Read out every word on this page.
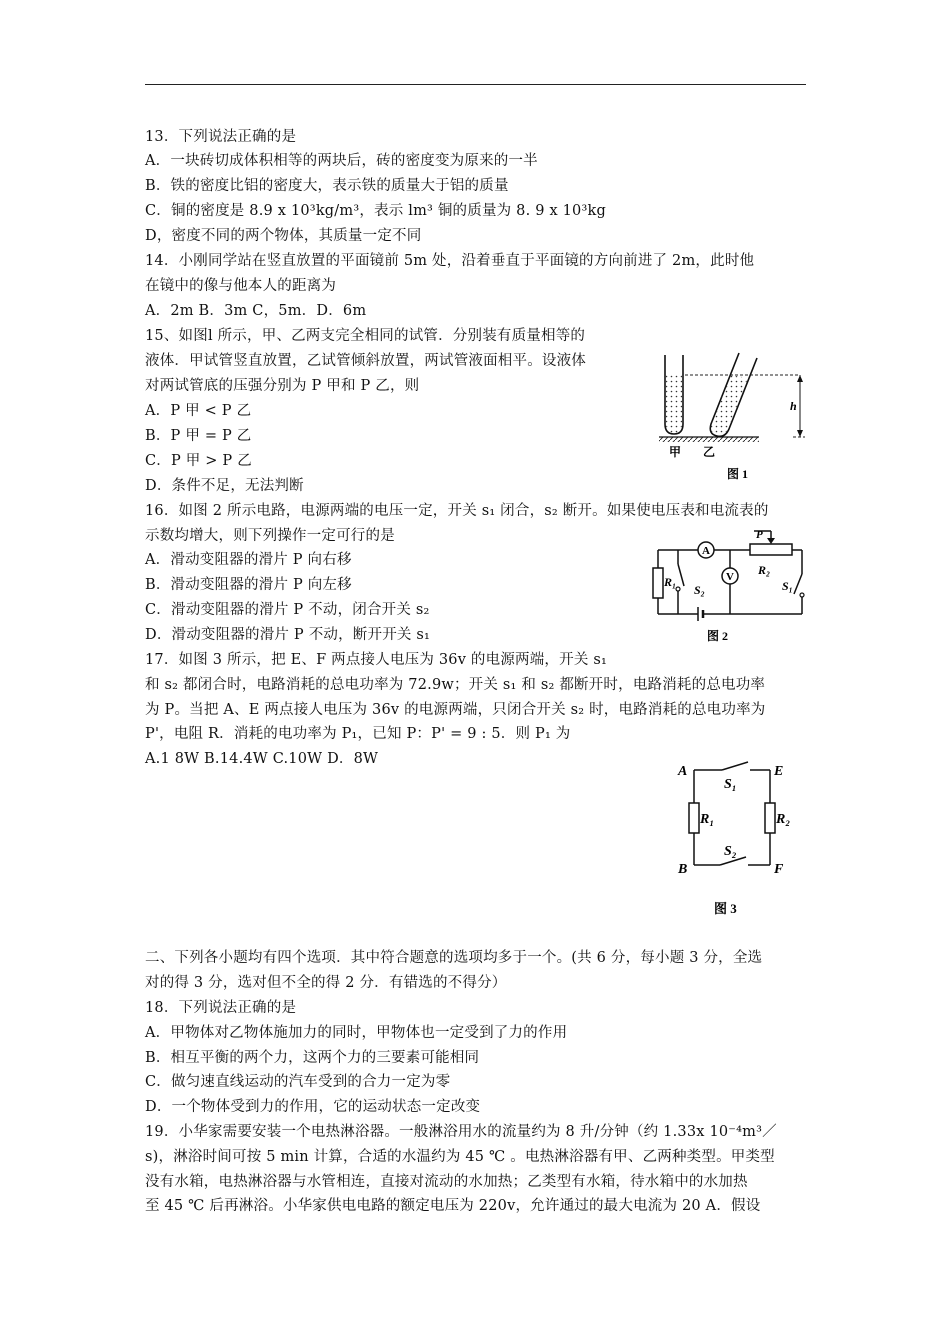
13．下列说法正确的是
A．一块砖切成体积相等的两块后，砖的密度变为原来的一半
B．铁的密度比铝的密度大，表示铁的质量大于铝的质量
C．铜的密度是 8.9 x 10³kg/m³，表示 lm³ 铜的质量为 8. 9 x 10³kg
D，密度不同的两个物体，其质量一定不同
14．小刚同学站在竖直放置的平面镜前 5m 处，沿着垂直于平面镜的方向前进了 2m，此时他
在镜中的像与他本人的距离为
A．2m B．3m C，5m．D．6m
15、如图l 所示，甲、乙两支完全相同的试管．分别装有质量相等的
液体．甲试管竖直放置，乙试管倾斜放置，两试管液面相平。设液体
对两试管底的压强分别为 P 甲和 P 乙，则
A．P 甲 < P 乙
B．P 甲 = P 乙
C．P 甲 > P 乙
D．条件不足，无法判断
h
甲 乙
图 1
16．如图 2 所示电路，电源两端的电压一定，开关 s₁ 闭合，s₂ 断开。如果使电压表和电流表的
示数均增大，则下列操作一定可行的是
A．滑动变阻器的滑片 P 向右移
B．滑动变阻器的滑片 P 向左移
C．滑动变阻器的滑片 P 不动，闭合开关 s₂
D．滑动变阻器的滑片 P 不动，断开开关 s₁
A
V
P
R₁
R₂
S₁
S₂
图 2
17．如图 3 所示，把 E、F 两点接人电压为 36v 的电源两端，开关 s₁
和 s₂ 都闭合时，电路消耗的总电功率为 72.9w；开关 s₁ 和 s₂ 都断开时，电路消耗的总电功率
为 P。当把 A、E 两点接人电压为 36v 的电源两端，只闭合开关 s₂ 时，电路消耗的总电功率为
P'，电阻 R．消耗的电功率为 P₁，已知 P：P' = 9 : 5．则 P₁ 为
A.1 8W B.14.4W C.10W D．8W
A	E
B	F
S₁
S₂
R₁	R₂
图 3
二、下列各小题均有四个选项．其中符合题意的选项均多于一个。(共 6 分，每小题 3 分，全选
对的得 3 分，选对但不全的得 2 分．有错选的不得分）
18．下列说法正确的是
A．甲物体对乙物体施加力的同时，甲物体也一定受到了力的作用
B．相互平衡的两个力，这两个力的三要素可能相同
C．做匀速直线运动的汽车受到的合力一定为零
D．一个物体受到力的作用，它的运动状态一定改变
19．小华家需要安装一个电热淋浴器。一般淋浴用水的流量约为 8 升/分钟（约 1.33x 10⁻⁴m³／
s)，淋浴时间可按 5 min 计算，合适的水温约为 45 ℃ 。电热淋浴器有甲、乙两种类型。甲类型
没有水箱，电热淋浴器与水管相连，直接对流动的水加热；乙类型有水箱，待水箱中的水加热
至 45 ℃ 后再淋浴。小华家供电电路的额定电压为 220v，允许通过的最大电流为 20 A．假设
